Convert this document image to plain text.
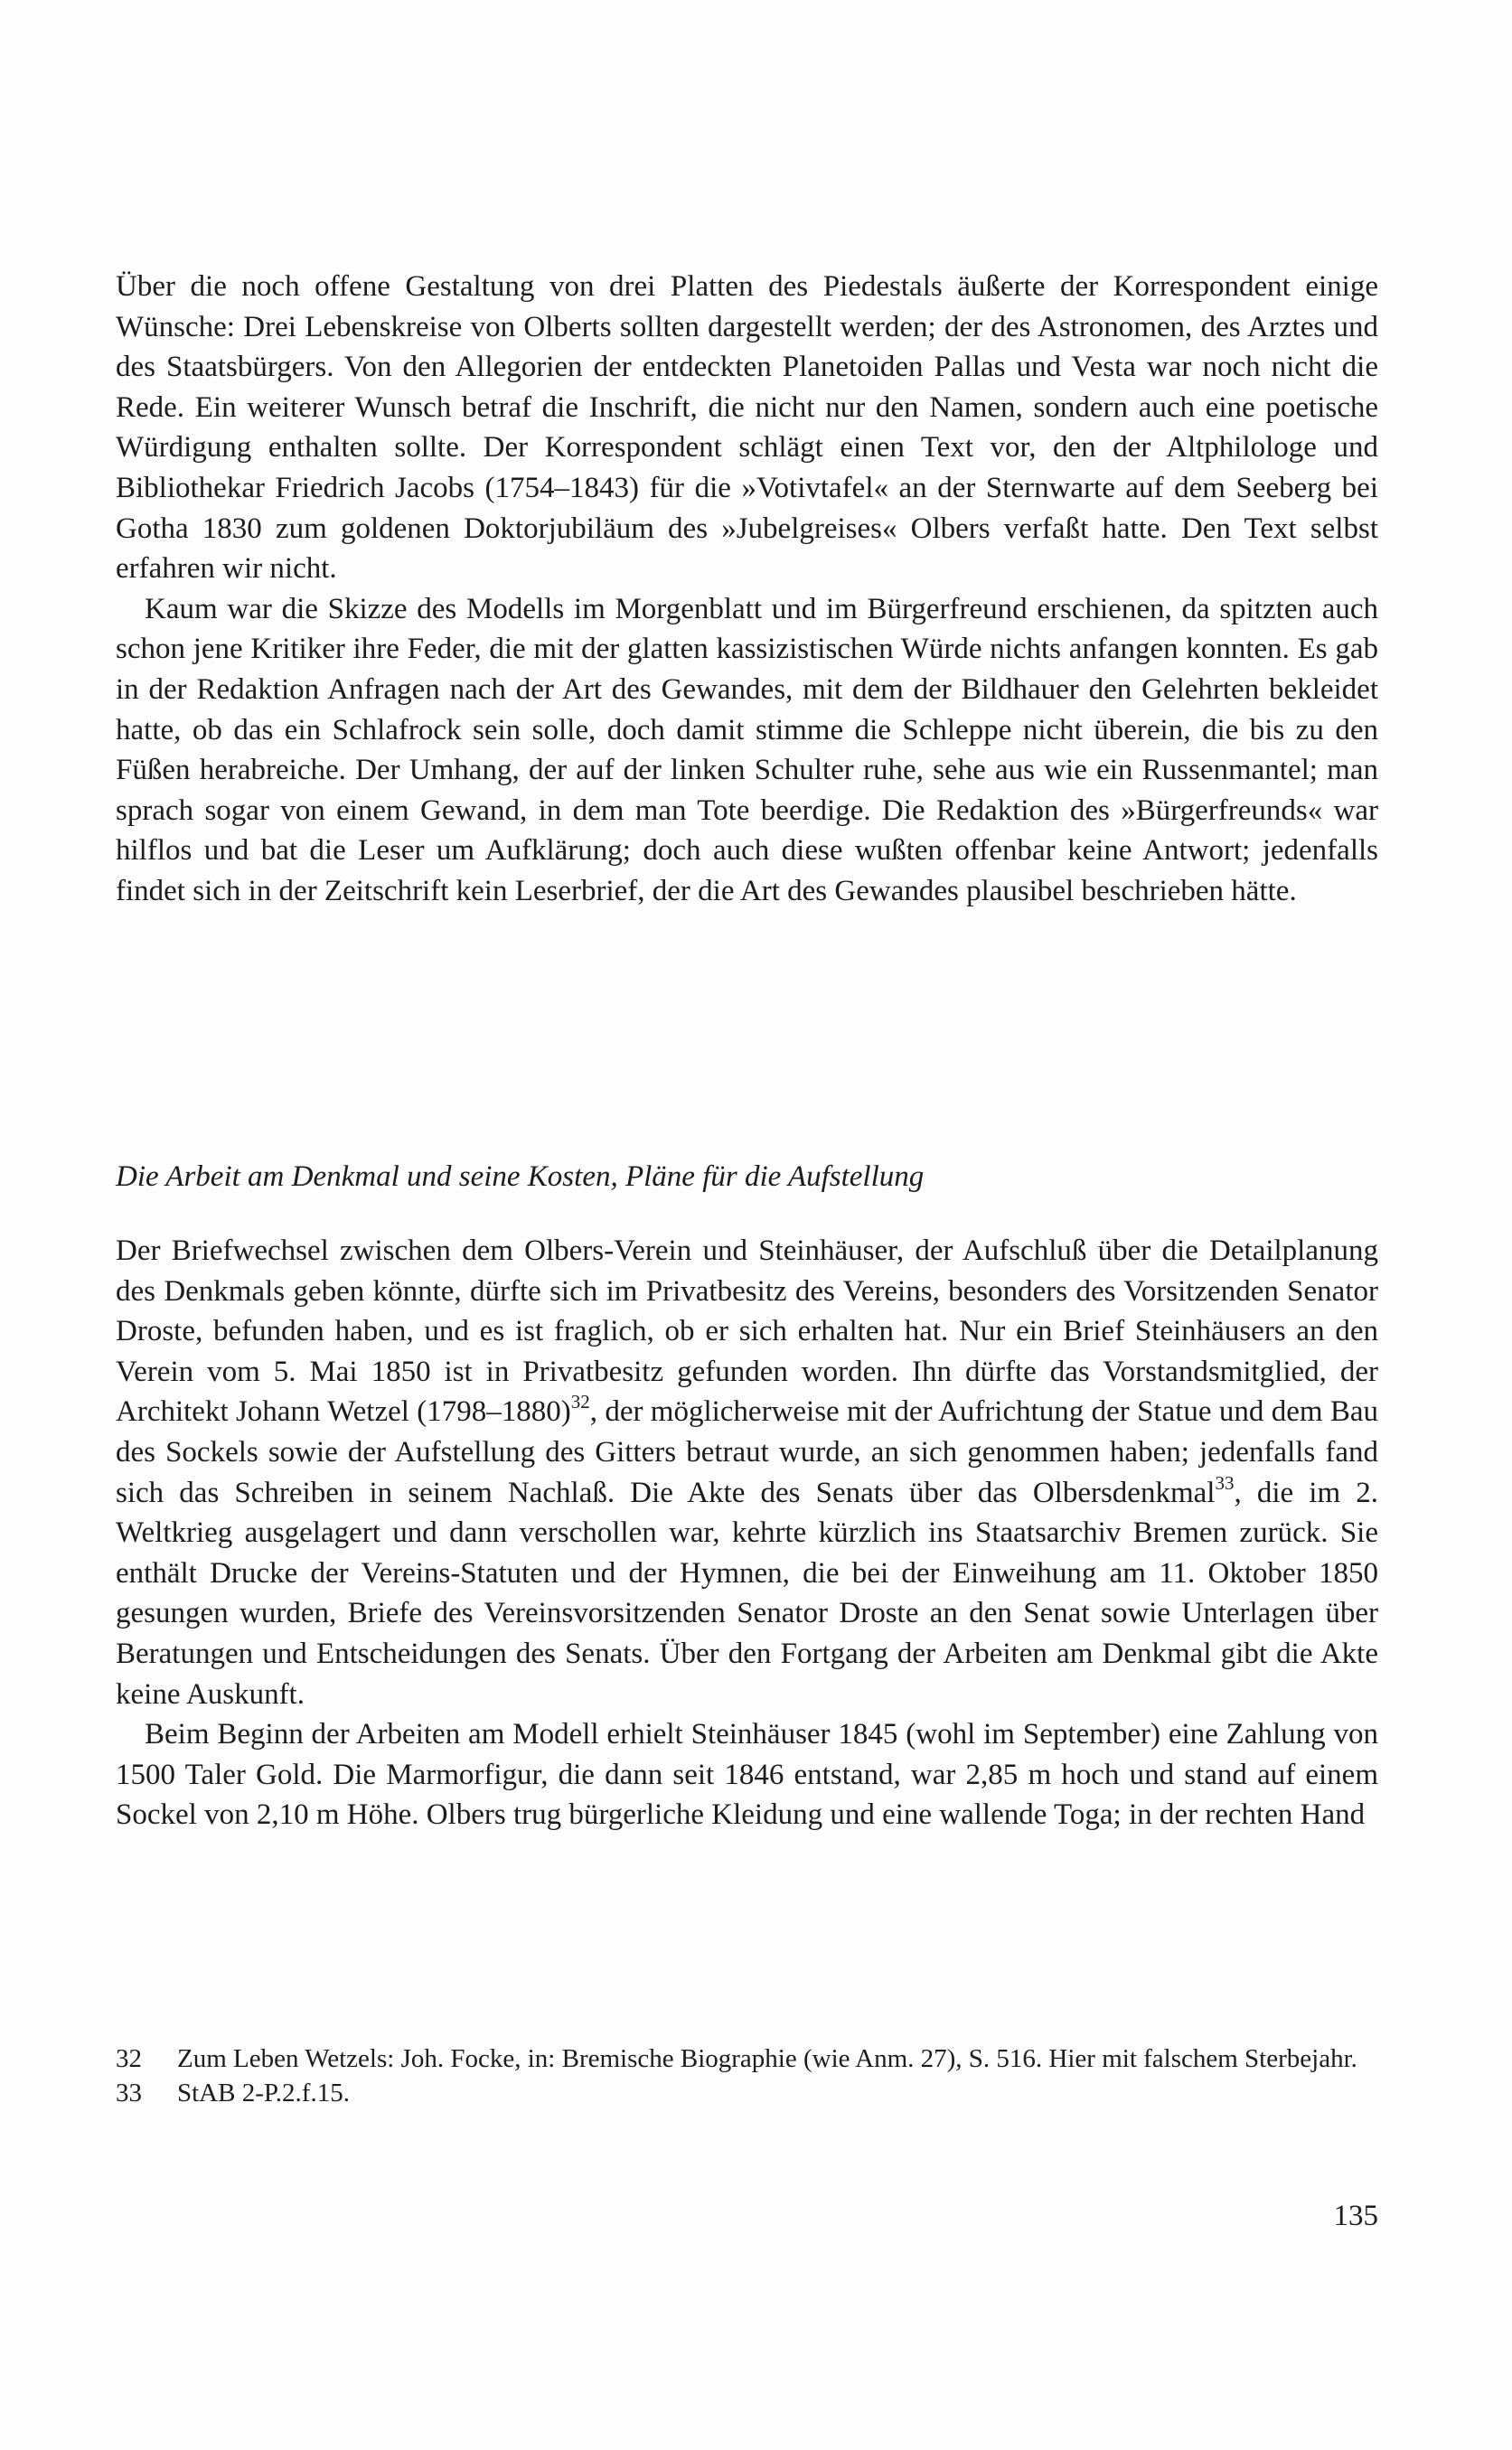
Über die noch offene Gestaltung von drei Platten des Piedestals äußerte der Korrespondent einige Wünsche: Drei Lebenskreise von Olberts sollten dargestellt werden; der des Astronomen, des Arztes und des Staatsbürgers. Von den Allegorien der entdeckten Planetoiden Pallas und Vesta war noch nicht die Rede. Ein weiterer Wunsch betraf die Inschrift, die nicht nur den Namen, sondern auch eine poetische Würdigung enthalten sollte. Der Korrespondent schlägt einen Text vor, den der Altphilologe und Bibliothekar Friedrich Jacobs (1754–1843) für die »Votivtafel« an der Sternwarte auf dem Seeberg bei Gotha 1830 zum goldenen Doktorjubiläum des »Jubelgreises« Olbers verfaßt hatte. Den Text selbst erfahren wir nicht.

Kaum war die Skizze des Modells im Morgenblatt und im Bürgerfreund erschienen, da spitzten auch schon jene Kritiker ihre Feder, die mit der glatten kassizistischen Würde nichts anfangen konnten. Es gab in der Redaktion Anfragen nach der Art des Gewandes, mit dem der Bildhauer den Gelehrten bekleidet hatte, ob das ein Schlafrock sein solle, doch damit stimme die Schleppe nicht überein, die bis zu den Füßen herabreiche. Der Umhang, der auf der linken Schulter ruhe, sehe aus wie ein Russenmantel; man sprach sogar von einem Gewand, in dem man Tote beerdige. Die Redaktion des »Bürgerfreunds« war hilflos und bat die Leser um Aufklärung; doch auch diese wußten offenbar keine Antwort; jedenfalls findet sich in der Zeitschrift kein Leserbrief, der die Art des Gewandes plausibel beschrieben hätte.

Die Arbeit am Denkmal und seine Kosten, Pläne für die Aufstellung

Der Briefwechsel zwischen dem Olbers-Verein und Steinhäuser, der Aufschluß über die Detailplanung des Denkmals geben könnte, dürfte sich im Privatbesitz des Vereins, besonders des Vorsitzenden Senator Droste, befunden haben, und es ist fraglich, ob er sich erhalten hat. Nur ein Brief Steinhäusers an den Verein vom 5. Mai 1850 ist in Privatbesitz gefunden worden. Ihn dürfte das Vorstandsmitglied, der Architekt Johann Wetzel (1798–1880)$^{32}$, der möglicherweise mit der Aufrichtung der Statue und dem Bau des Sockels sowie der Aufstellung des Gitters betraut wurde, an sich genommen haben; jedenfalls fand sich das Schreiben in seinem Nachlaß. Die Akte des Senats über das Olbersdenkmal$^{33}$, die im 2. Weltkrieg ausgelagert und dann verschollen war, kehrte kürzlich ins Staatsarchiv Bremen zurück. Sie enthält Drucke der Vereins-Statuten und der Hymnen, die bei der Einweihung am 11. Oktober 1850 gesungen wurden, Briefe des Vereinsvorsitzenden Senator Droste an den Senat sowie Unterlagen über Beratungen und Entscheidungen des Senats. Über den Fortgang der Arbeiten am Denkmal gibt die Akte keine Auskunft.

Beim Beginn der Arbeiten am Modell erhielt Steinhäuser 1845 (wohl im September) eine Zahlung von 1500 Taler Gold. Die Marmorfigur, die dann seit 1846 entstand, war 2,85 m hoch und stand auf einem Sockel von 2,10 m Höhe. Olbers trug bürgerliche Kleidung und eine wallende Toga; in der rechten Hand

32	Zum Leben Wetzels: Joh. Focke, in: Bremische Biographie (wie Anm. 27), S. 516. Hier mit falschem Sterbejahr.
33	StAB 2-P.2.f.15.
135
